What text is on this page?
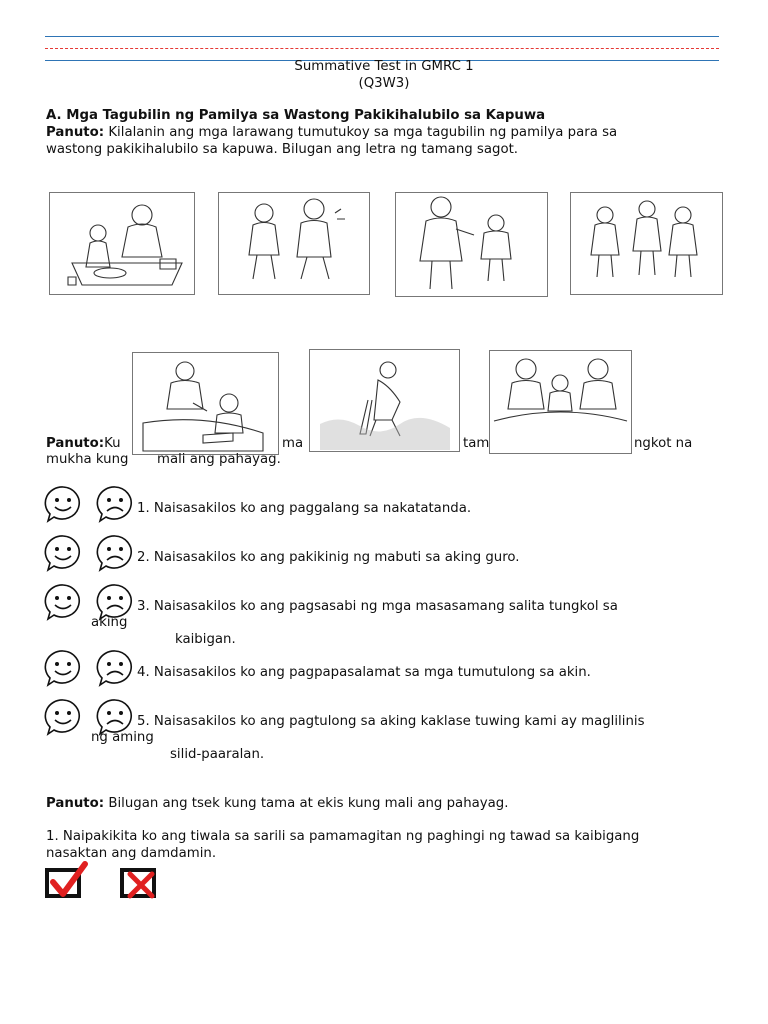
Summative Test in GMRC 1
(Q3W3)
A. Mga Tagubilin ng Pamilya sa Wastong Pakikihalubilo sa Kapuwa
Panuto: Kilalanin ang mga larawang tumutukoy sa mga tagubilin ng pamilya para sa
wastong pakikihalubilo sa kapuwa. Bilugan ang letra ng tamang sagot.
Panuto:Ku	ma	tam	ngkot na
mukha kung mali ang pahayag.
1. Naisasakilos ko ang paggalang sa nakatatanda.
2. Naisasakilos ko ang pakikinig ng mabuti sa aking guro.
3. Naisasakilos ko ang pagsasabi ng mga masasamang salita tungkol sa
aking
kaibigan.
4. Naisasakilos ko ang pagpapasalamat sa mga tumutulong sa akin.
5. Naisasakilos ko ang pagtulong sa aking kaklase tuwing kami ay maglilinis
ng aming
silid-paaralan.
Panuto: Bilugan ang tsek kung tama at ekis kung mali ang pahayag.
1. Naipakikita ko ang tiwala sa sarili sa pamamagitan ng paghingi ng tawad sa kaibigang
nasaktan ang damdamin.
